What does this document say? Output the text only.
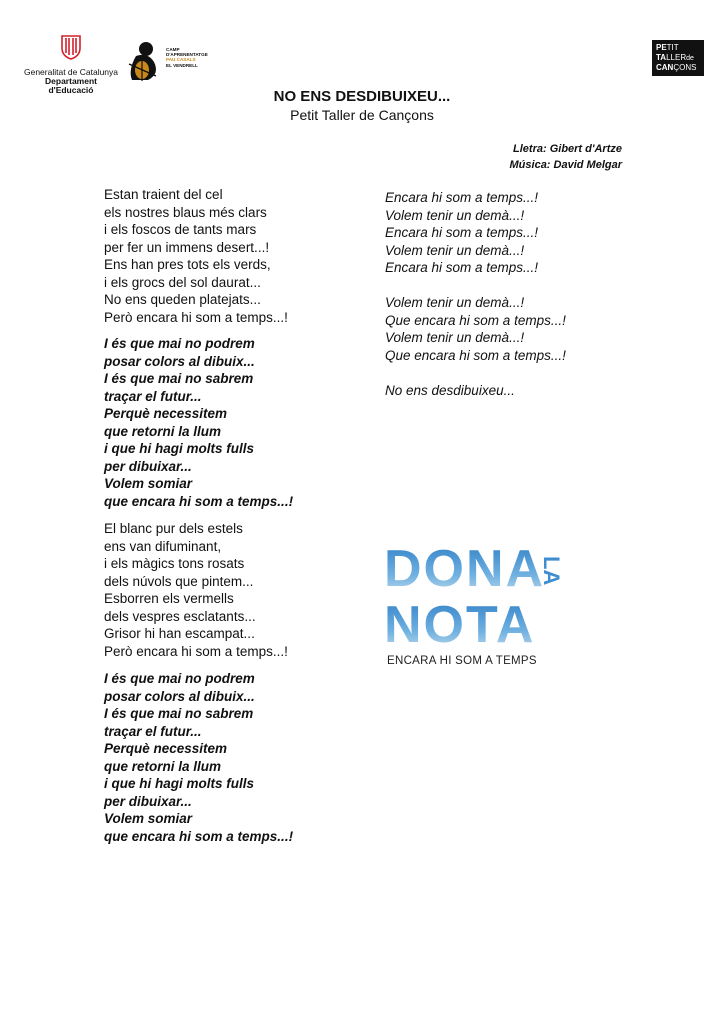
Generalitat de Catalunya
Departament
d'Educació
CAMP
D'APRENENTATGE
PAU CASALS
EL VENDRELL
PETIT
TALLERde
CANÇONS
NO ENS DESDIBUIXEU...
Petit Taller de Cançons
Lletra: Gibert d'Artze
Música: David Melgar
Estan traient del cel
els nostres blaus més clars
i els foscos de tants mars
per fer un immens desert...!
Ens han pres tots els verds,
i els grocs del sol daurat...
No ens queden platejats...
Però encara hi som a temps...!
I és que mai no podrem
posar colors al dibuix...
I és que mai no sabrem
traçar el futur...
Perquè necessitem
que retorni la llum
i que hi hagi molts fulls
per dibuixar...
Volem somiar
que encara hi som a temps...!
El blanc pur dels estels
ens van difuminant,
i els màgics tons rosats
dels núvols que pintem...
Esborren els vermells
dels vespres esclatants...
Grisor hi han escampat...
Però encara hi som a temps...!
I és que mai no podrem
posar colors al dibuix...
I és que mai no sabrem
traçar el futur...
Perquè necessitem
que retorni la llum
i que hi hagi molts fulls
per dibuixar...
Volem somiar
que encara hi som a temps...!
Encara hi som a temps...!
Volem tenir un demà...!
Encara hi som a temps...!
Volem tenir un demà...!
Encara hi som a temps...!
Volem tenir un demà...!
Que encara hi som a temps...!
Volem tenir un demà...!
Que encara hi som a temps...!
No ens desdibuixeu...
DONA
NOTA
LA
ENCARA HI SOM A TEMPS
